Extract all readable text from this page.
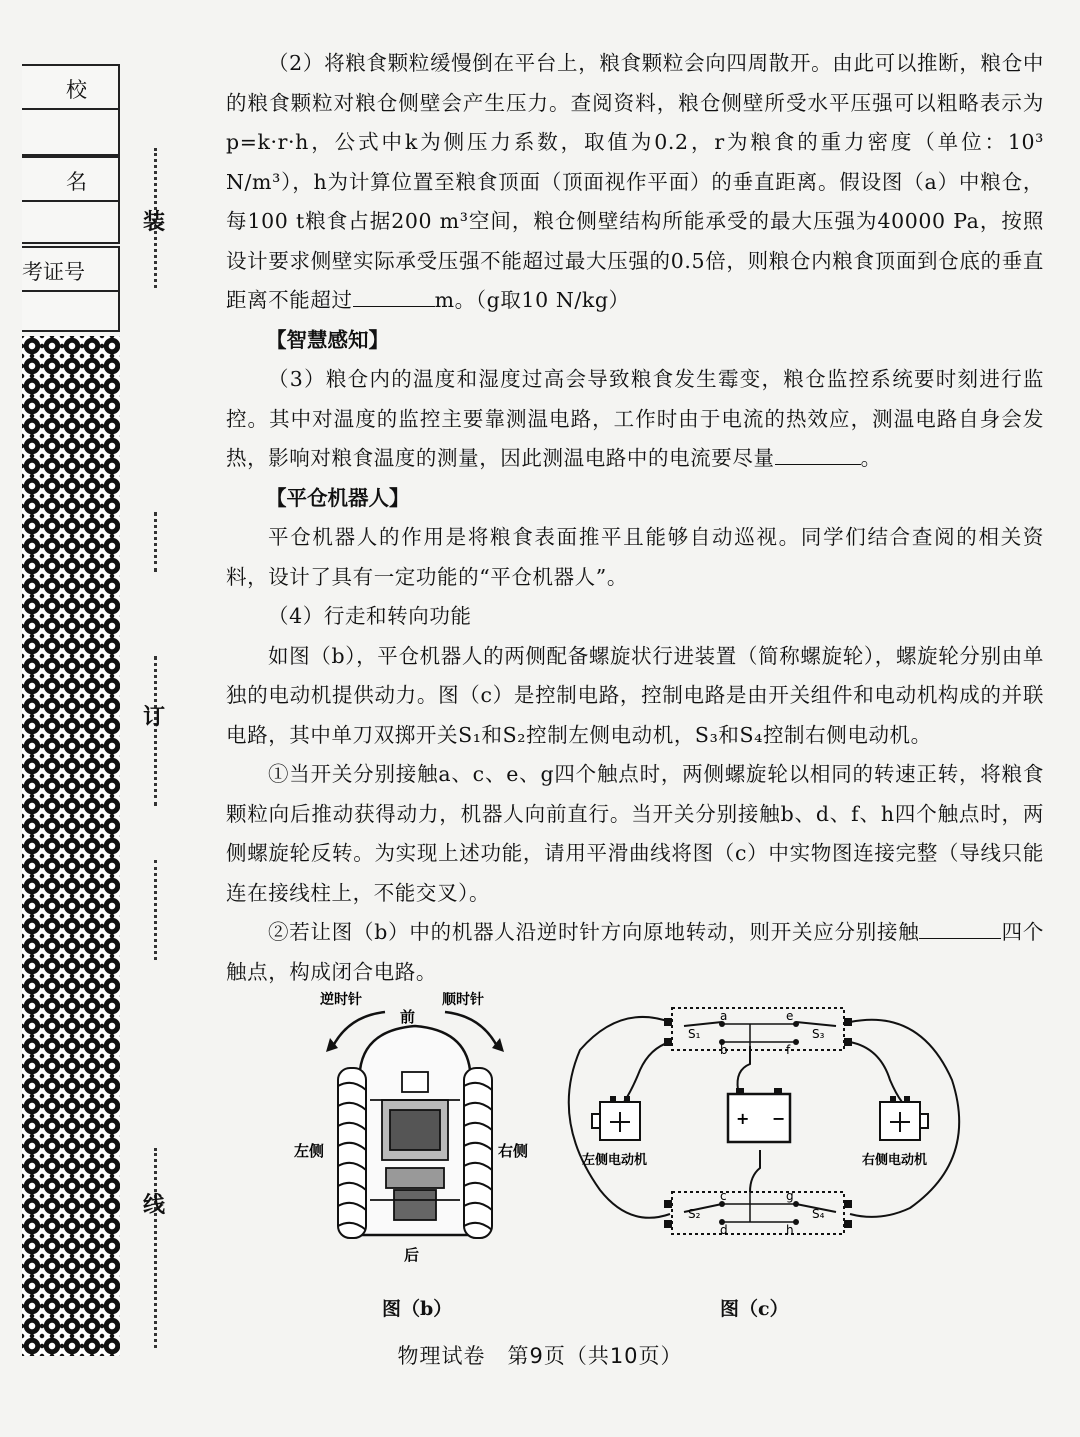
校
名
考证号
装
订
线

（2）将粮食颗粒缓慢倒在平台上，粮食颗粒会向四周散开。由此可以推断，粮仓中的粮食颗粒对粮仓侧壁会产生压力。查阅资料，粮仓侧壁所受水平压强可以粗略表示为p=k·r·h，公式中k为侧压力系数，取值为0.2，r为粮食的重力密度（单位：10³ N/m³），h为计算位置至粮食顶面（顶面视作平面）的垂直距离。假设图（a）中粮仓，每100 t粮食占据200 m³空间，粮仓侧壁结构所能承受的最大压强为40000 Pa，按照设计要求侧壁实际承受压强不能超过最大压强的0.5倍，则粮仓内粮食顶面到仓底的垂直距离不能超过	m。（g取10 N/kg）

【智慧感知】

（3）粮仓内的温度和湿度过高会导致粮食发生霉变，粮仓监控系统要时刻进行监控。其中对温度的监控主要靠测温电路，工作时由于电流的热效应，测温电路自身会发热，影响对粮食温度的测量，因此测温电路中的电流要尽量	。

【平仓机器人】

平仓机器人的作用是将粮食表面推平且能够自动巡视。同学们结合查阅的相关资料，设计了具有一定功能的“平仓机器人”。

（4）行走和转向功能

如图（b），平仓机器人的两侧配备螺旋状行进装置（简称螺旋轮），螺旋轮分别由单独的电动机提供动力。图（c）是控制电路，控制电路是由开关组件和电动机构成的并联电路，其中单刀双掷开关S₁和S₂控制左侧电动机，S₃和S₄控制右侧电动机。

①当开关分别接触a、c、e、g四个触点时，两侧螺旋轮以相同的转速正转，将粮食颗粒向后推动获得动力，机器人向前直行。当开关分别接触b、d、f、h四个触点时，两侧螺旋轮反转。为实现上述功能，请用平滑曲线将图（c）中实物图连接完整（导线只能连在接线柱上，不能交叉）。

②若让图（b）中的机器人沿逆时针方向原地转动，则开关应分别接触	四个触点，构成闭合电路。

前
逆时针	顺时针
左侧	右侧
后
图（b）
S₁	S₃
a
b
e
f
+ −
左侧电动机	右侧电动机
S₂	S₄
c
d
g
h
图（c）
物理试卷　第9页（共10页）
